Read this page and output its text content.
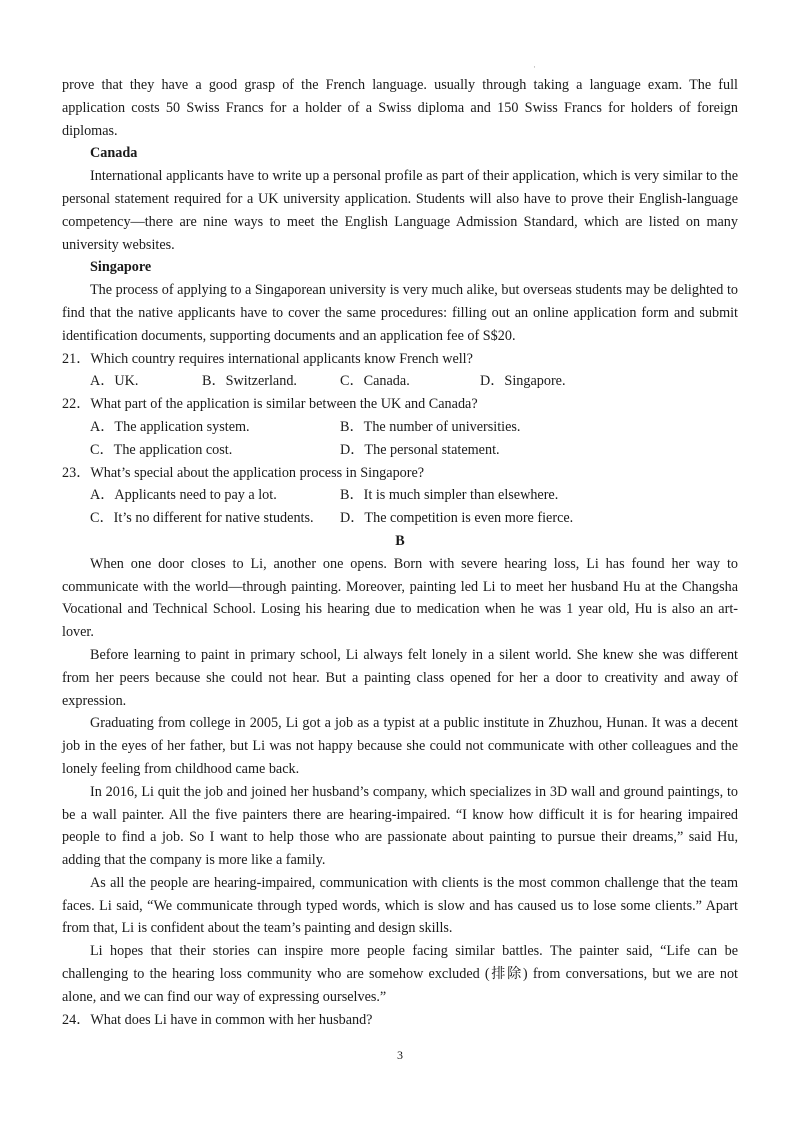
·

prove that they have a good grasp of the French language. usually through taking a language exam. The full application costs 50 Swiss Francs for a holder of a Swiss diploma and 150 Swiss Francs for holders of foreign diplomas.

Canada

International applicants have to write up a personal profile as part of their application, which is very similar to the personal statement required for a UK university application. Students will also have to prove their English-language competency—there are nine ways to meet the English Language Admission Standard, which are listed on many university websites.

Singapore

The process of applying to a Singaporean university is very much alike, but overseas students may be delighted to find that the native applicants have to cover the same procedures: filling out an online application form and submit identification documents, supporting documents and an application fee of S$20.

21．Which country requires international applicants know French well?
A．UK.	B．Switzerland.	C．Canada.	D．Singapore.
22．What part of the application is similar between the UK and Canada?
A．The application system.	B．The number of universities.
C．The application cost.	D．The personal statement.
23．What’s special about the application process in Singapore?
A．Applicants need to pay a lot.	B．It is much simpler than elsewhere.
C．It’s no different for native students. D．The competition is even more fierce.
B

When one door closes to Li, another one opens. Born with severe hearing loss, Li has found her way to communicate with the world—through painting. Moreover, painting led Li to meet her husband Hu at the Changsha Vocational and Technical School. Losing his hearing due to medication when he was 1 year old, Hu is also an art-lover.

Before learning to paint in primary school, Li always felt lonely in a silent world. She knew she was different from her peers because she could not hear. But a painting class opened for her a door to creativity and away of expression.

Graduating from college in 2005, Li got a job as a typist at a public institute in Zhuzhou, Hunan. It was a decent job in the eyes of her father, but Li was not happy because she could not communicate with other colleagues and the lonely feeling from childhood came back.

In 2016, Li quit the job and joined her husband’s company, which specializes in 3D wall and ground paintings, to be a wall painter. All the five painters there are hearing-impaired. “I know how difficult it is for hearing impaired people to find a job. So I want to help those who are passionate about painting to pursue their dreams,” said Hu, adding that the company is more like a family.

As all the people are hearing-impaired, communication with clients is the most common challenge that the team faces. Li said, “We communicate through typed words, which is slow and has caused us to lose some clients.” Apart from that, Li is confident about the team’s painting and design skills.

Li hopes that their stories can inspire more people facing similar battles. The painter said, “Life can be challenging to the hearing loss community who are somehow excluded (排除) from conversations, but we are not alone, and we can find our way of expressing ourselves.”

24．What does Li have in common with her husband?
3
